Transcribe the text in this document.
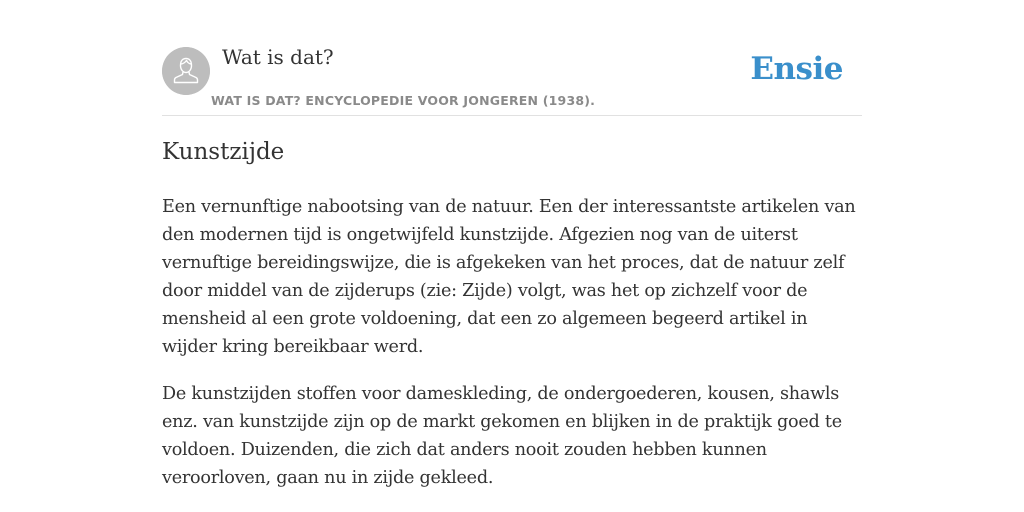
Wat is dat?
WAT IS DAT? ENCYCLOPEDIE VOOR JONGEREN (1938).
Ensie
Kunstzijde

Een vernunftige nabootsing van de natuur. Een der interessantste artikelen van den modernen tijd is ongetwijfeld kunstzijde. Afgezien nog van de uiterst vernuftige bereidingswijze, die is afgekeken van het proces, dat de natuur zelf door middel van de zijderups (zie: Zijde) volgt, was het op zichzelf voor de mensheid al een grote voldoening, dat een zo algemeen begeerd artikel in wijder kring bereikbaar werd.

De kunstzijden stoffen voor dameskleding, de ondergoederen, kousen, shawls enz. van kunstzijde zijn op de markt gekomen en blijken in de praktijk goed te voldoen. Duizenden, die zich dat anders nooit zouden hebben kunnen veroorloven, gaan nu in zijde gekleed.
